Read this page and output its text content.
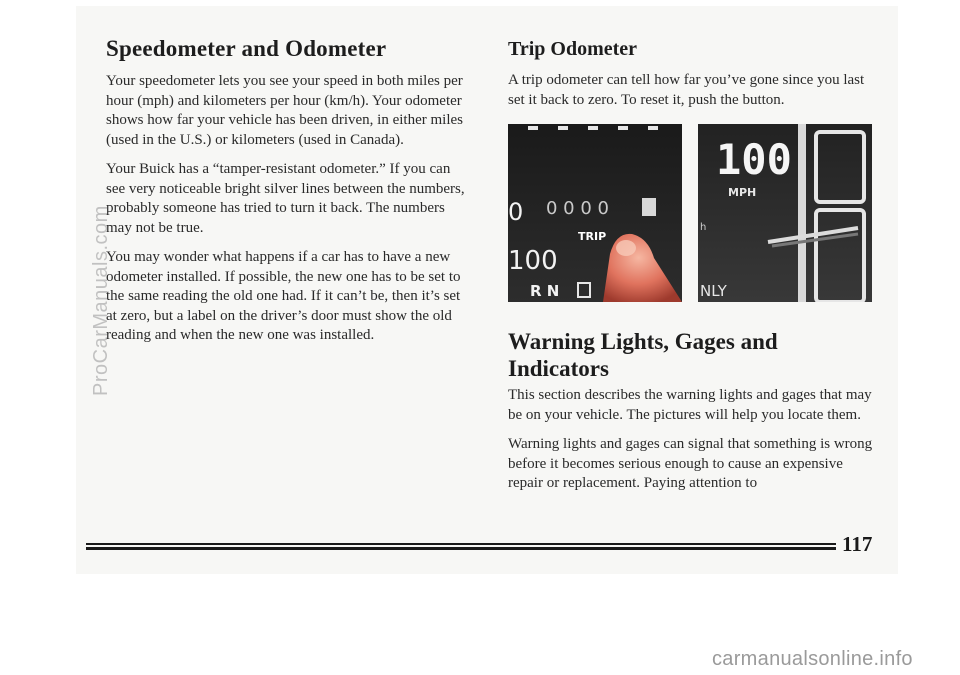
Speedometer and Odometer

Your speedometer lets you see your speed in both miles per hour (mph) and kilometers per hour (km/h). Your odometer shows how far your vehicle has been driven, in either miles (used in the U.S.) or kilometers (used in Canada).

Your Buick has a “tamper-resistant odometer.” If you can see very noticeable bright silver lines between the numbers, probably someone has tried to turn it back. The numbers may not be true.

You may wonder what happens if a car has to have a new odometer installed. If possible, the new one has to be set to the same reading the old one had. If it can’t be, then it’s set at zero, but a label on the driver’s door must show the old reading and when the new one was installed.

Trip Odometer

A trip odometer can tell how far you’ve gone since you last set it back to zero. To reset it, push the button.

0 0 0 0
0
TRIP
100
R N
100
MPH
h
NLY
Warning Lights, Gages and Indicators

This section describes the warning lights and gages that may be on your vehicle. The pictures will help you locate them.

Warning lights and gages can signal that something is wrong before it becomes serious enough to cause an expensive repair or replacement. Paying attention to

ProCarManuals.com
117
carmanualsonline.info
